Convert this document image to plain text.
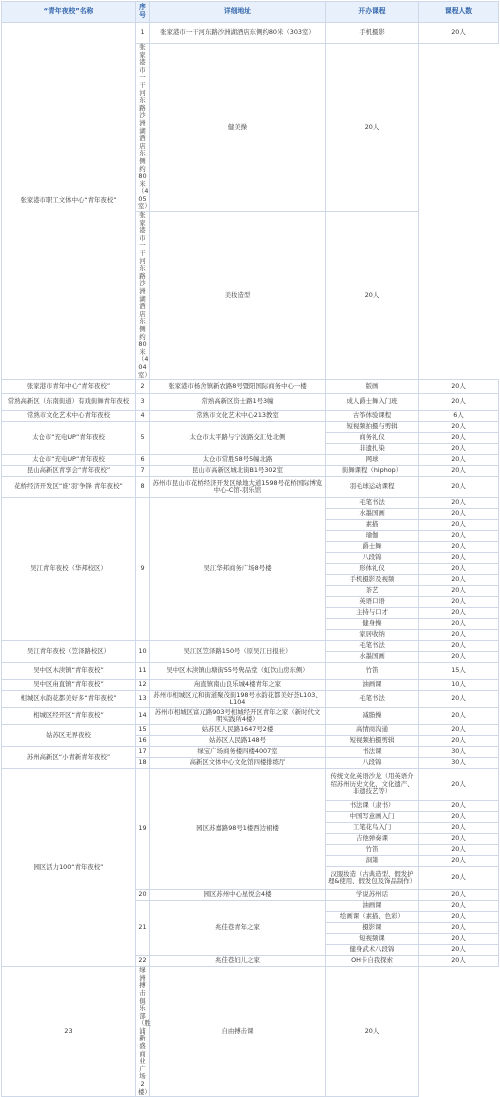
“青年夜校”名称	序号	详细地址	开办课程	课程人数
张家港市职工文体中心“青年夜校”	1	张家港市一干河东路沙洲湖酒店东侧约80米（303室）	手机摄影	20人
	张家港市一干河东路沙洲湖酒店东侧约80米（405室）	健美操	20人	
	张家港市一干河东路沙洲湖酒店东侧约80米（404室）	美妆造型	20人	
张家港市青年中心“青年夜校”	2	张家港市杨舍镇新农路8号暨阳国际商务中心一楼	版画	20人
常熟高新区（东南街道）有戏街舞青年夜校	3	常熟高新区资士路1号3幢	成人爵士舞入门班	20人
常熟市文化艺术中心青年夜校	4	常熟市文化艺术中心213教室	古筝体验课程	6人
太仓市“充电UP”青年夜校	5	太仓市太平路与宁波路交汇处北侧	短视频拍摄与剪辑	20人
			商务礼仪	20人
			非遗扎染	20人
太仓市“充电UP”青年夜校	6	太仓市常胜58号5幢北路	网球	20人
昆山高新区青享会“青年夜校”	7	昆山市高新区城北街B1号302室	街舞课程（hiphop）	20人
花桥经济开发区“谁‘羽’争锋 青年夜校”	8	苏州市昆山市花桥经济开发区绿地大道1598号花桥国际博览中心-C馆-羽乐馆	羽毛球运动课程	20人
吴江青年夜校（华邦校区）	9	吴江华邦商务广场8号楼	毛笔书法	20人
			水墨国画	20人
			素描	20人
			瑜伽	20人
			爵士舞	20人
			八段锦	20人
			形体礼仪	20人
			手机摄影及视频	20人
			茶艺	20人
			英语口语	20人
			主持与口才	20人
			健身操	20人
			家居收纳	20人
吴江青年夜校（笠泽路校区）	10	吴江区笠泽路150号（原吴江日报社）	毛笔书法	20人
			水墨国画	20人
吴中区木渎镇“青年夜校”	11	吴中区木渎镇山塘街55号隽品堂（虹饮山房东侧）	竹笛	15人
吴中区甪直镇“青年夜校”	12	甪直镇南山良乐城4楼青年之家	油画课	10人
相城区水韵花都美好多“青年夜校”	13	苏州市相城区元和街道聚茂街198号水韵花都美好荟L103、L104	毛笔书法	20人
相城区经开区“青年夜校”	14	苏州市相城区富元路903号相城经开区青年之家（新时代文明实践所4楼）	减脂操	20人
姑苏区无界夜校	15	姑苏区人民路1647号2楼	高情商沟通	20人
	16	姑苏区人民路148号	短视频拍摄剪辑	20人
苏州高新区“小青新青年夜校”	17	绿宝广场商务楼四楼4007室	书法课	30人
	18	高新区文体中心文化馆四楼排练厅	八段锦	30人
园区活力100“青年夜校”	19	园区苏嘉路98号1楼西边裙楼	传统文化英语沙龙（用英语介绍苏州历史文化、文化遗产、非遗技艺等）	20人
			书法课（隶书）	20人
			中国写意画入门	20人
			工笔花鸟入门	20人
			吉他弹奏课	20人
			竹笛	20人
			洞箫	20人
			汉服妆造（古典造型、假发护理&使用、假发包及饰品制作）	20人
	20	园区苏州中心星悦会4楼	学说苏州话	20人
	21	兆佳巷青年之家	油画课	20人
			绘画课（素描、色彩）	20人
			摄影课	20人
			短视频课	20人
			健身武术八段锦	20人
	22	兆佳巷妇儿之家	OH卡自我探索	20人
23	绿洲搏击俱乐部（胜浦新盛商业广场2楼）	自由搏击课	20人	
